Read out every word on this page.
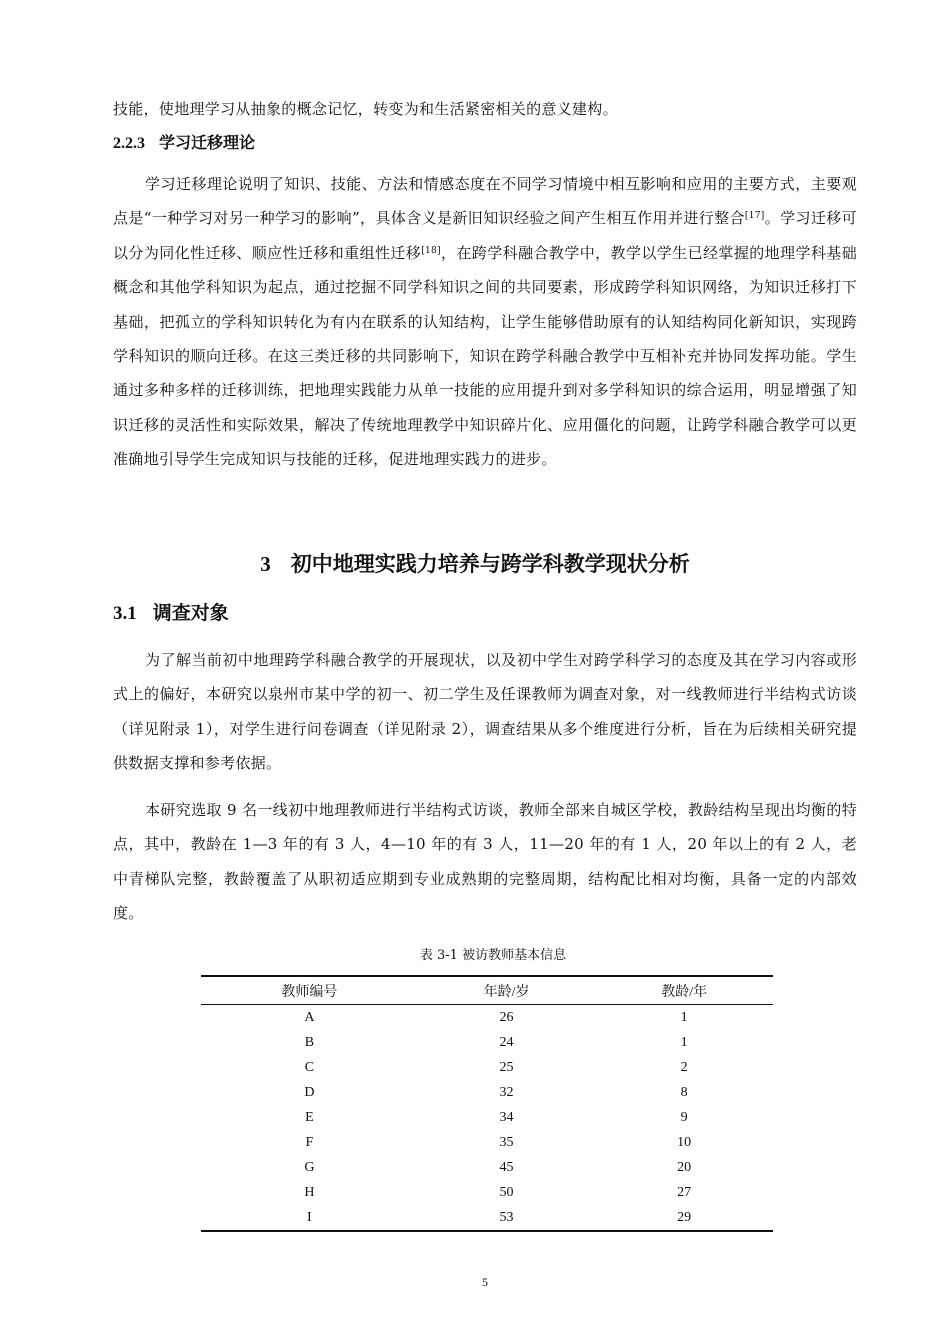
技能，使地理学习从抽象的概念记忆，转变为和生活紧密相关的意义建构。

2.2.3 学习迁移理论

学习迁移理论说明了知识、技能、方法和情感态度在不同学习情境中相互影响和应用的主要方式，主要观点是“一种学习对另一种学习的影响”，具体含义是新旧知识经验之间产生相互作用并进行整合[17]。学习迁移可以分为同化性迁移、顺应性迁移和重组性迁移[18]，在跨学科融合教学中，教学以学生已经掌握的地理学科基础概念和其他学科知识为起点，通过挖掘不同学科知识之间的共同要素，形成跨学科知识网络，为知识迁移打下基础，把孤立的学科知识转化为有内在联系的认知结构，让学生能够借助原有的认知结构同化新知识，实现跨学科知识的顺向迁移。在这三类迁移的共同影响下，知识在跨学科融合教学中互相补充并协同发挥功能。学生通过多种多样的迁移训练，把地理实践能力从单一技能的应用提升到对多学科知识的综合运用，明显增强了知识迁移的灵活性和实际效果，解决了传统地理教学中知识碎片化、应用僵化的问题，让跨学科融合教学可以更准确地引导学生完成知识与技能的迁移，促进地理实践力的进步。

3 初中地理实践力培养与跨学科教学现状分析
3.1 调查对象

为了解当前初中地理跨学科融合教学的开展现状，以及初中学生对跨学科学习的态度及其在学习内容或形式上的偏好，本研究以泉州市某中学的初一、初二学生及任课教师为调查对象，对一线教师进行半结构式访谈（详见附录 1），对学生进行问卷调查（详见附录 2），调查结果从多个维度进行分析，旨在为后续相关研究提供数据支撑和参考依据。

本研究选取 9 名一线初中地理教师进行半结构式访谈，教师全部来自城区学校，教龄结构呈现出均衡的特点，其中，教龄在 1—3 年的有 3 人，4—10 年的有 3 人，11—20 年的有 1 人，20 年以上的有 2 人，老中青梯队完整，教龄覆盖了从职初适应期到专业成熟期的完整周期，结构配比相对均衡，具备一定的内部效度。

表 3-1 被访教师基本信息
教师编号	年龄/岁	教龄/年
A	26	1
B	24	1
C	25	2
D	32	8
E	34	9
F	35	10
G	45	20
H	50	27
I	53	29
5
